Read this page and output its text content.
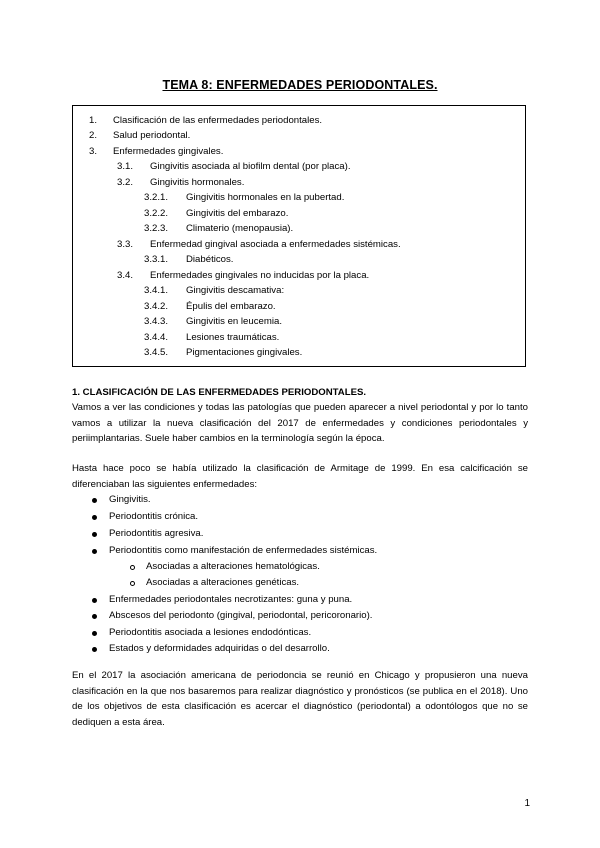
TEMA 8: ENFERMEDADES PERIODONTALES.
1. Clasificación de las enfermedades periodontales.
2. Salud periodontal.
3. Enfermedades gingivales.
3.1. Gingivitis asociada al biofilm dental (por placa).
3.2. Gingivitis hormonales.
3.2.1. Gingivitis hormonales en la pubertad.
3.2.2. Gingivitis del embarazo.
3.2.3. Climaterio (menopausia).
3.3. Enfermedad gingival asociada a enfermedades sistémicas.
3.3.1. Diabéticos.
3.4. Enfermedades gingivales no inducidas por la placa.
3.4.1. Gingivitis descamativa:
3.4.2. Épulis del embarazo.
3.4.3. Gingivitis en leucemia.
3.4.4. Lesiones traumáticas.
3.4.5. Pigmentaciones gingivales.
1. CLASIFICACIÓN DE LAS ENFERMEDADES PERIODONTALES.

Vamos a ver las condiciones y todas las patologías que pueden aparecer a nivel periodontal y por lo tanto vamos a utilizar la nueva clasificación del 2017 de enfermedades y condiciones periodontales y periimplantarias. Suele haber cambios en la terminología según la época.

Hasta hace poco se había utilizado la clasificación de Armitage de 1999. En esa calcificación se diferenciaban las siguientes enfermedades:

Gingivitis.
Periodontitis crónica.
Periodontitis agresiva.
Periodontitis como manifestación de enfermedades sistémicas.
Asociadas a alteraciones hematológicas.
Asociadas a alteraciones genéticas.
Enfermedades periodontales necrotizantes: guna y puna.
Abscesos del periodonto (gingival, periodontal, pericoronario).
Periodontitis asociada a lesiones endodónticas.
Estados y deformidades adquiridas o del desarrollo.

En el 2017 la asociación americana de periodoncia se reunió en Chicago y propusieron una nueva clasificación en la que nos basaremos para realizar diagnóstico y pronósticos (se publica en el 2018). Uno de los objetivos de esta clasificación es acercar el diagnóstico (periodontal) a odontólogos que no se dediquen a esta área.

1
